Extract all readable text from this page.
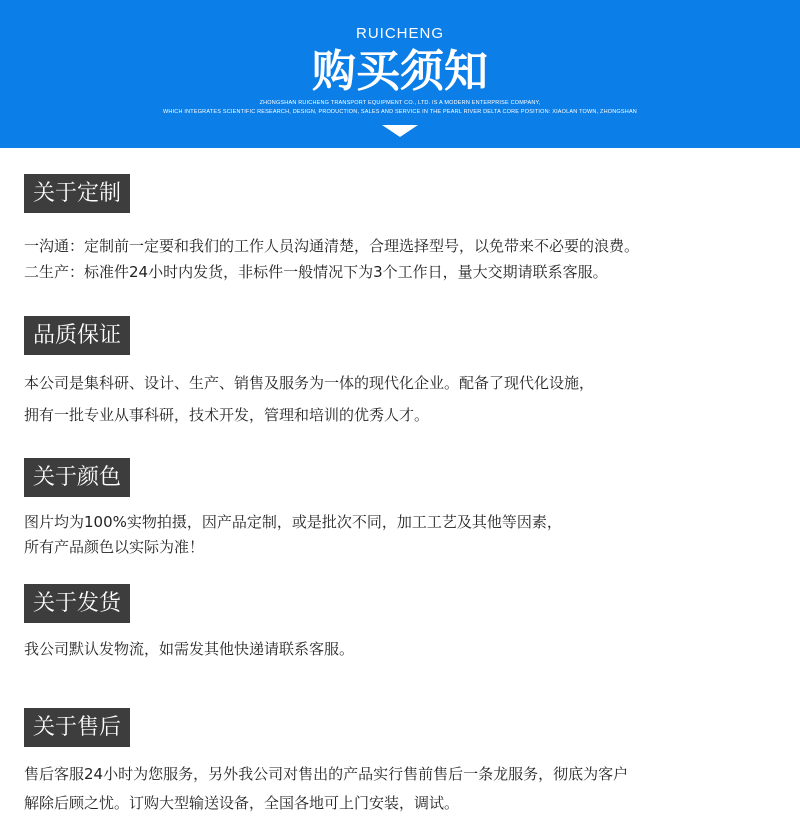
RUICHENG
购买须知
ZHONGSHAN RUICHENG TRANSPORT EQUIPMENT CO., LTD. IS A MODERN ENTERPRISE COMPANY,
WHICH INTEGRATES SCIENTIFIC RESEARCH, DESIGN, PRODUCTION, SALES AND SERVICE IN THE PEARL RIVER DELTA CORE POSITION: XIAOLAN TOWN, ZHONGSHAN
关于定制
一沟通：定制前一定要和我们的工作人员沟通清楚，合理选择型号，以免带来不必要的浪费。
二生产：标准件24小时内发货，非标件一般情况下为3个工作日，量大交期请联系客服。
品质保证
本公司是集科研、设计、生产、销售及服务为一体的现代化企业。配备了现代化设施，
拥有一批专业从事科研，技术开发，管理和培训的优秀人才。
关于颜色
图片均为100%实物拍摄，因产品定制，或是批次不同，加工工艺及其他等因素，
所有产品颜色以实际为准！
关于发货
我公司默认发物流，如需发其他快递请联系客服。
关于售后
售后客服24小时为您服务，另外我公司对售出的产品实行售前售后一条龙服务，彻底为客户
解除后顾之忧。订购大型输送设备，全国各地可上门安装，调试。
